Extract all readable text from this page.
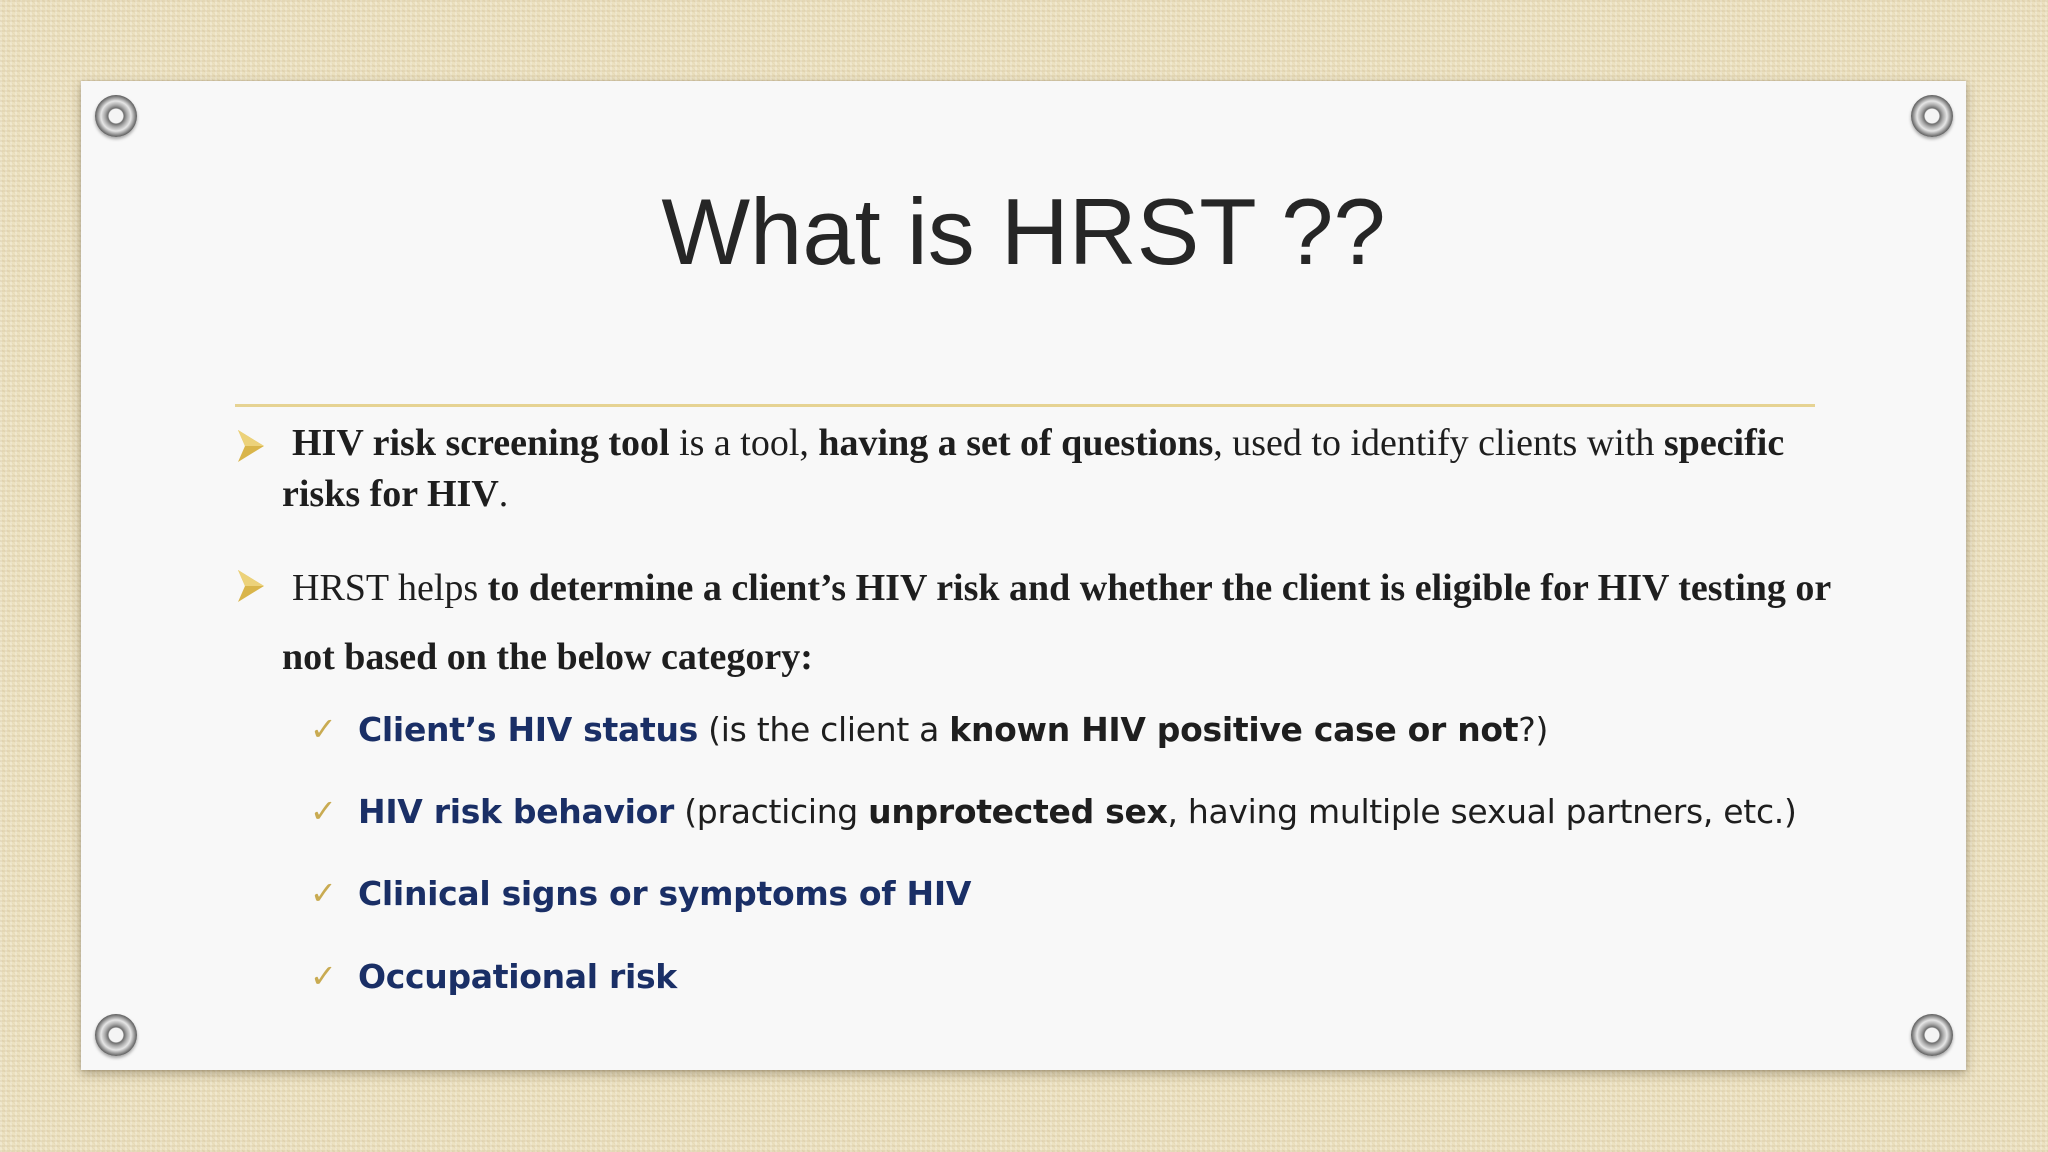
What is HRST ??
HIV risk screening tool is a tool, having a set of questions, used to identify clients with specific risks for HIV.
HRST helps to determine a client’s HIV risk and whether the client is eligible for HIV testing or not based on the below category:
✓ Client’s HIV status (is the client a known HIV positive case or not?)
✓ HIV risk behavior (practicing unprotected sex, having multiple sexual partners, etc.)
✓ Clinical signs or symptoms of HIV
✓ Occupational risk
